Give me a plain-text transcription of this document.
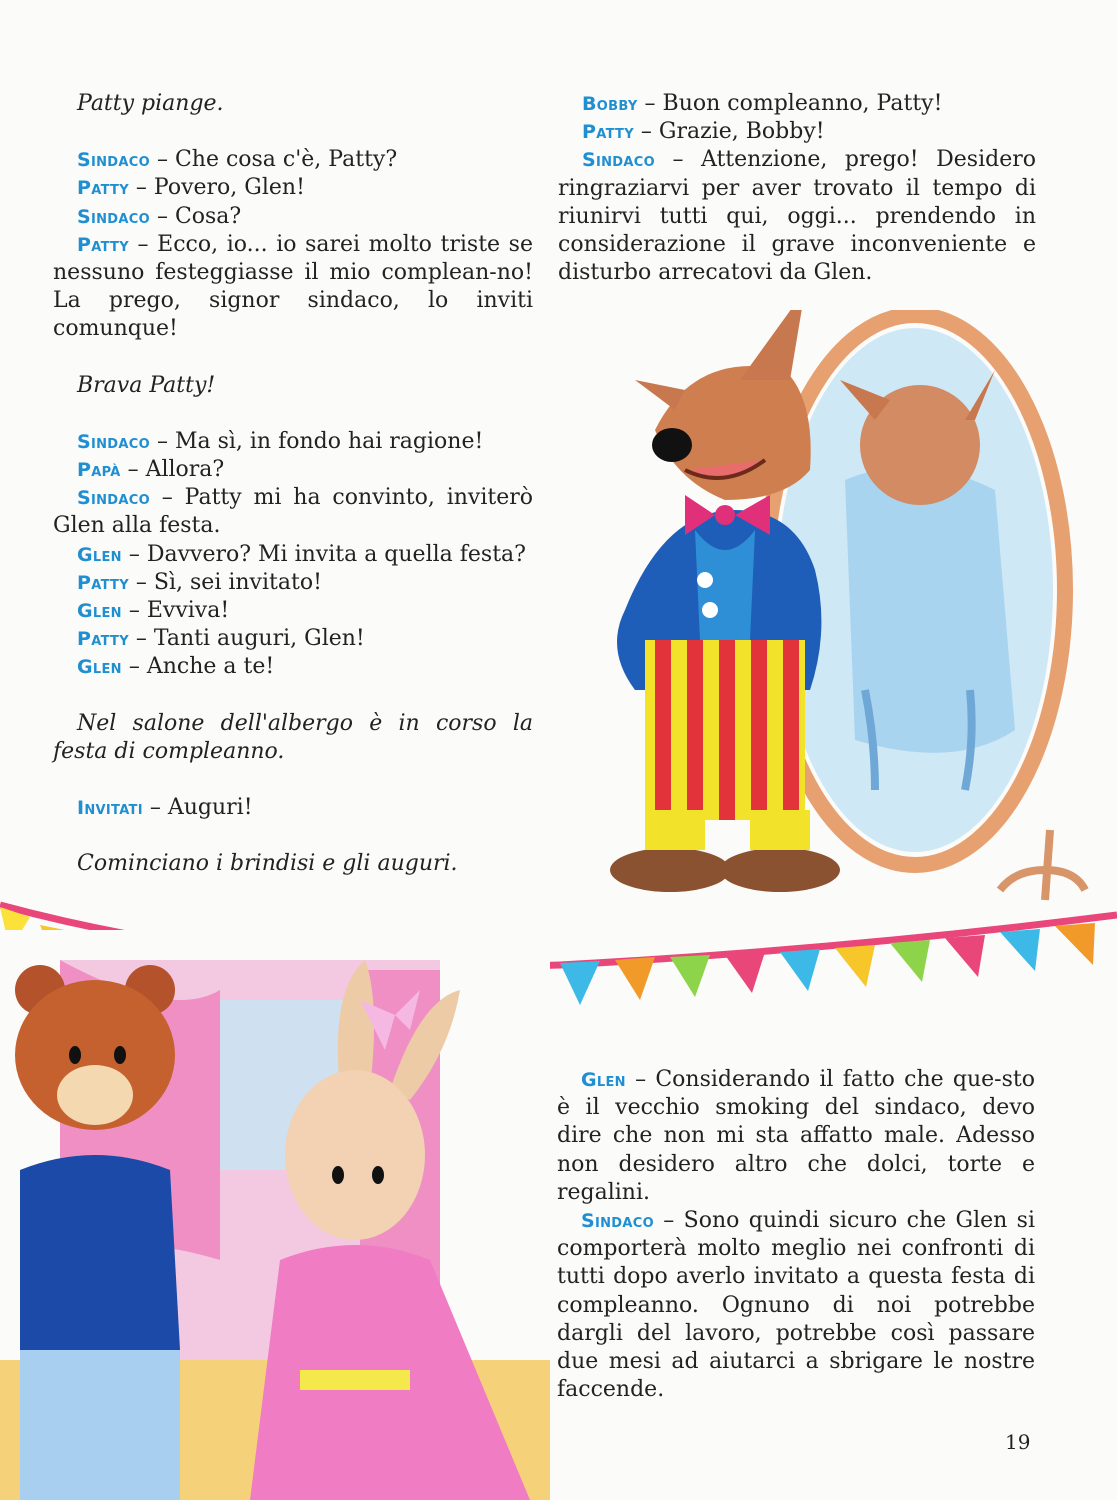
Patty piange.

Sindaco – Che cosa c'è, Patty?

Patty – Povero, Glen!

Sindaco – Cosa?

Patty – Ecco, io... io sarei molto triste se nessuno festeggiasse il mio complean-no! La prego, signor sindaco, lo inviti comunque!

Brava Patty!

Sindaco – Ma sì, in fondo hai ragione!

Papà – Allora?

Sindaco – Patty mi ha convinto, inviterò Glen alla festa.

Glen – Davvero? Mi invita a quella festa?

Patty – Sì, sei invitato!

Glen – Evviva!

Patty – Tanti auguri, Glen!

Glen – Anche a te!

Nel salone dell'albergo è in corso la festa di compleanno.

Invitati – Auguri!

Cominciano i brindisi e gli auguri.

Bobby – Buon compleanno, Patty!

Patty – Grazie, Bobby!

Sindaco – Attenzione, prego! Desidero ringraziarvi per aver trovato il tempo di riunirvi tutti qui, oggi... prendendo in considerazione il grave inconveniente e disturbo arrecatovi da Glen.

Glen – Considerando il fatto che que-sto è il vecchio smoking del sindaco, devo dire che non mi sta affatto male. Adesso non desidero altro che dolci, torte e regalini.

Sindaco – Sono quindi sicuro che Glen si comporterà molto meglio nei confronti di tutti dopo averlo invitato a questa festa di compleanno. Ognuno di noi potrebbe dargli del lavoro, potrebbe così passare due mesi ad aiutarci a sbrigare le nostre faccende.

19
